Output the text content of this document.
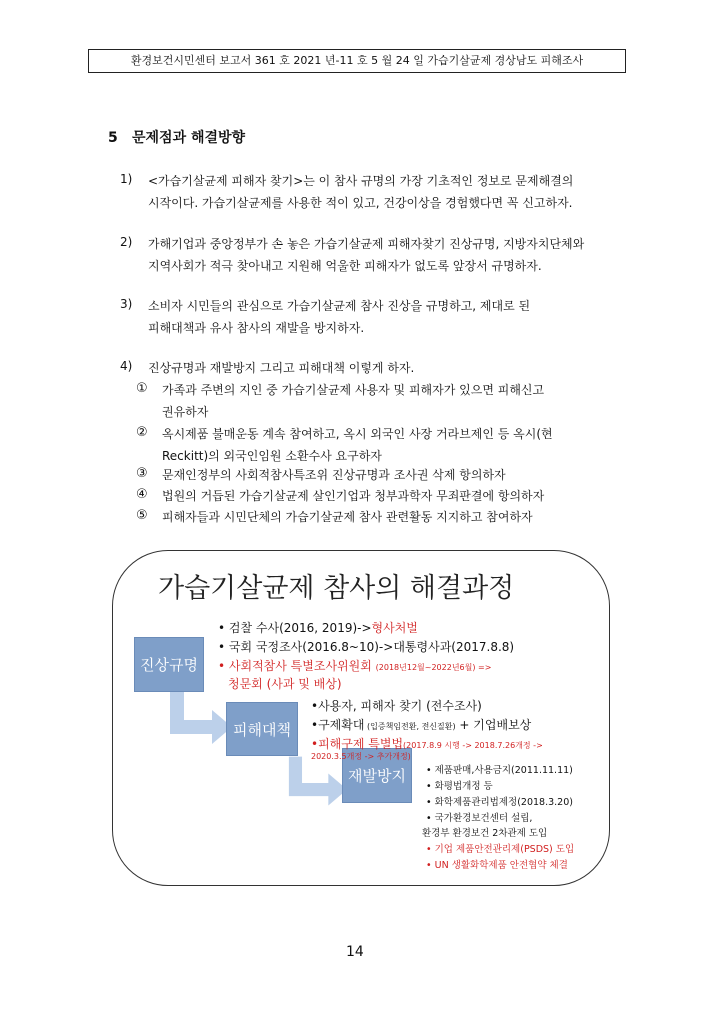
환경보건시민센터 보고서 361 호 2021 년-11 호 5 월 24 일 가습기살균제 경상남도 피해조사
5 문제점과 해결방향
1) <가습기살균제 피해자 찾기>는 이 참사 규명의 가장 기초적인 정보로 문제해결의
시작이다. 가습기살균제를 사용한 적이 있고, 건강이상을 경험했다면 꼭 신고하자.
2) 가해기업과 중앙정부가 손 놓은 가습기살균제 피해자찾기 진상규명, 지방자치단체와
지역사회가 적극 찾아내고 지원해 억울한 피해자가 없도록 앞장서 규명하자.
3) 소비자 시민들의 관심으로 가습기살균제 참사 진상을 규명하고, 제대로 된
피해대책과 유사 참사의 재발을 방지하자.
4) 진상규명과 재발방지 그리고 피해대책 이렇게 하자.
① 가족과 주변의 지인 중 가습기살균제 사용자 및 피해자가 있으면 피해신고
권유하자
② 옥시제품 불매운동 계속 참여하고, 옥시 외국인 사장 거라브제인 등 옥시(현
Reckitt)의 외국인임원 소환수사 요구하자
③ 문재인정부의 사회적참사특조위 진상규명과 조사권 삭제 항의하자
④ 법원의 거듭된 가습기살균제 살인기업과 청부과학자 무죄판결에 항의하자
⑤ 피해자들과 시민단체의 가습기살균제 참사 관련활동 지지하고 참여하자
가습기살균제 참사의 해결과정
진상규명
피해대책
재발방지
• 검찰 수사(2016, 2019)->형사처벌
• 국회 국정조사(2016.8~10)->대통령사과(2017.8.8)
• 사회적참사 특별조사위원회 (2018년12월~2022년6월) =>
청문회 (사과 및 배상)
•사용자, 피해자 찾기 (전수조사)
•구제확대 (입증책임전환, 전신질환) + 기업배보상
•피해구제 특별법(2017.8.9 시행 -> 2018.7.26개정 ->
2020.3.5개정 -> 추가개정)
• 제품판매,사용금지(2011.11.11)
• 화평법개정 등
• 화학제품관리법제정(2018.3.20)
• 국가환경보건센터 설립,
환경부 환경보건 2차관제 도입
• 기업 제품안전관리제(PSDS) 도입
• UN 생활화학제품 안전협약 체결
14
